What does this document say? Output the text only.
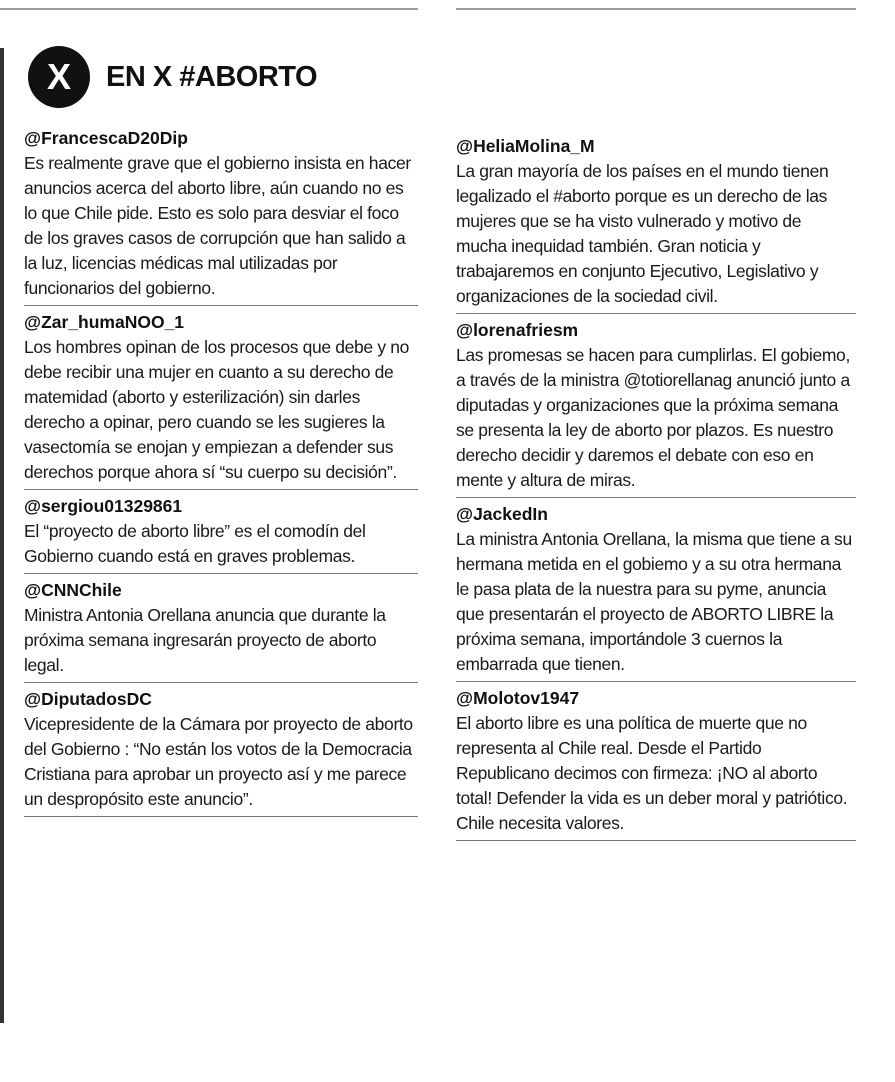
X EN X #ABORTO
@FrancescaD20Dip
Es realmente grave que el gobierno insista en hacer anuncios acerca del aborto libre, aún cuando no es lo que Chile pide. Esto es solo para desviar el foco de los graves casos de corrupción que han salido a la luz, licencias médicas mal utilizadas por funcionarios del gobierno.
@Zar_humaNOO_1
Los hombres opinan de los procesos que debe y no debe recibir una mujer en cuanto a su derecho de matemidad (aborto y esterilización) sin darles derecho a opinar, pero cuando se les sugieres la vasectomía se enojan y empiezan a defender sus derechos porque ahora sí “su cuerpo su decisión”.
@sergiou01329861
El “proyecto de aborto libre” es el comodín del Gobierno cuando está en graves problemas.
@CNNChile
Ministra Antonia Orellana anuncia que durante la próxima semana ingresarán proyecto de aborto legal.
@DiputadosDC
Vicepresidente de la Cámara por proyecto de aborto del Gobierno : “No están los votos de la Democracia Cristiana para aprobar un proyecto así y me parece un despropósito este anuncio”.
@HeliaMolina_M
La gran mayoría de los países en el mundo tienen legalizado el #aborto porque es un derecho de las mujeres que se ha visto vulnerado y motivo de mucha inequidad también. Gran noticia y trabajaremos en conjunto Ejecutivo, Legislativo y organizaciones de la sociedad civil.
@lorenafriesm
Las promesas se hacen para cumplirlas. El gobiemo, a través de la ministra @totiorellanag anunció junto a diputadas y organizaciones que la próxima semana se presenta la ley de aborto por plazos. Es nuestro derecho decidir y daremos el debate con eso en mente y altura de miras.
@JackedIn
La ministra Antonia Orellana, la misma que tiene a su hermana metida en el gobiemo y a su otra hermana le pasa plata de la nuestra para su pyme, anuncia que presentarán el proyecto de ABORTO LIBRE la próxima semana, importándole 3 cuernos la embarrada que tienen.
@Molotov1947
El aborto libre es una política de muerte que no representa al Chile real. Desde el Partido Republicano decimos con firmeza: ¡NO al aborto total! Defender la vida es un deber moral y patriótico. Chile necesita valores.
